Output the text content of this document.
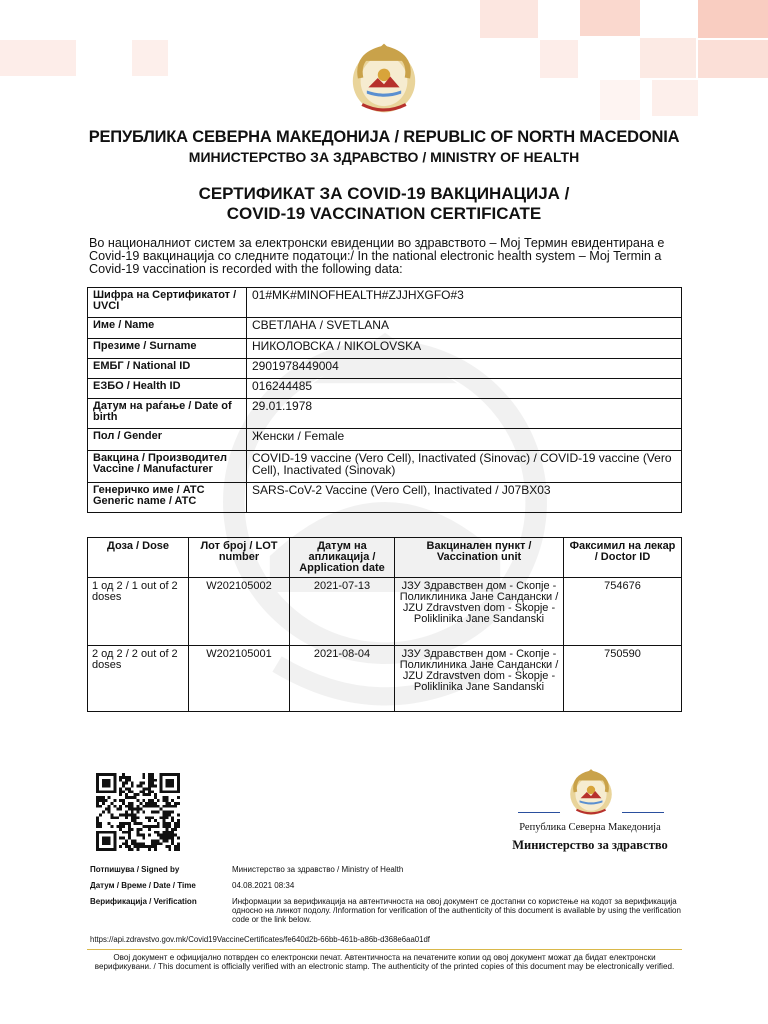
РЕПУБЛИКА СЕВЕРНА МАКЕДОНИЈА / REPUBLIC OF NORTH MACEDONIA
МИНИСТЕРСТВО ЗА ЗДРАВСТВО / MINISTRY OF HEALTH
СЕРТИФИКАТ ЗА COVID-19 ВАКЦИНАЦИЈА /
COVID-19 VACCINATION CERTIFICATE
Во националниот систем за електронски евиденции во здравството – Мој Термин евидентирана е Covid-19 вакцинација со следните податоци:/ In the national electronic health system – Мој Termin a Covid-19 vaccination is recorded with the following data:
Шифра на Сертификатот / UVCI	01#MK#MINOFHEALTH#ZJJHXGFO#3
Име / Name	СВЕТЛАНА / SVETLANA
Презиме / Surname	НИКОЛОВСКА / NIKOLOVSKA
ЕМБГ / National ID	2901978449004
ЕЗБО / Health ID	016244485
Датум на раѓање / Date of birth	29.01.1978
Пол / Gender	Женски / Female
Вакцина / Производител Vaccine / Manufacturer	COVID-19 vaccine (Vero Cell), Inactivated (Sinovac) / COVID-19 vaccine (Vero Cell), Inactivated (Sinovak)
Генеричко име / ATC Generic name / ATC	SARS-CoV-2 Vaccine (Vero Cell), Inactivated / J07BX03
Доза / Dose	Лот број / LOT number	Датум на апликација / Application date	Вакцинален пункт / Vaccination unit	Факсимил на лекар / Doctor ID
1 од 2 / 1 out of 2 doses	W202105002	2021-07-13	ЈЗУ Здравствен дом - Скопје - Поликлиника Јане Сандански / JZU Zdravstven dom - Skopje - Poliklinika Jane Sandanski	754676
2 од 2 / 2 out of 2 doses	W202105001	2021-08-04	ЈЗУ Здравствен дом - Скопје - Поликлиника Јане Сандански / JZU Zdravstven dom - Skopje - Poliklinika Jane Sandanski	750590
Република Северна Македонија
Министерство за здравство
Потпишува / Signed by	Министерство за здравство / Ministry of Health
Датум / Време / Date / Time	04.08.2021 08:34
Верификација / Verification	Информации за верификација на автентичноста на овој документ се достапни со користење на кодот за верификација односно на линкот подолу. /Information for verification of the authenticity of this document is available by using the verification code or the link below.
https://api.zdravstvo.gov.mk/Covid19VaccineCertificates/fe640d2b-66bb-461b-a86b-d368e6aa01df
Овој документ е официјално потврден со електронски печат. Автентичноста на печатените копии од овој документ можат да бидат електронски верификувани. / This document is officially verified with an electronic stamp. The authenticity of the printed copies of this document may be electronically verified.
